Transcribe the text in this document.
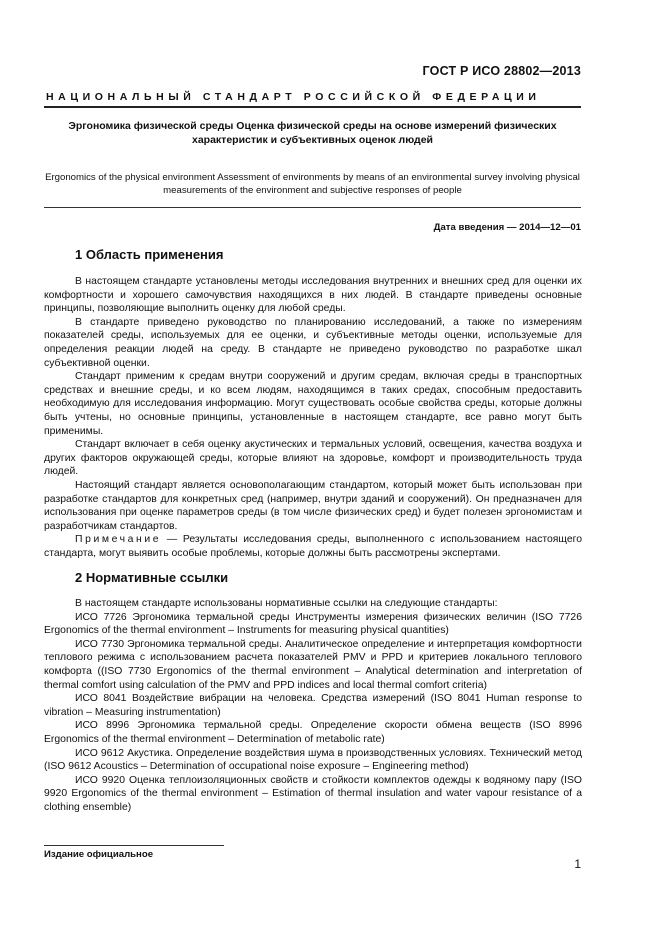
ГОСТ Р ИСО 28802—2013
НАЦИОНАЛЬНЫЙ СТАНДАРТ РОССИЙСКОЙ ФЕДЕРАЦИИ
Эргономика физической среды Оценка физической среды на основе измерений физических характеристик и субъективных оценок людей
Ergonomics of the physical environment Assessment of environments by means of an environmental survey involving physical measurements of the environment and subjective responses of people
Дата введения — 2014—12—01
1 Область применения

В настоящем стандарте установлены методы исследования внутренних и внешних сред для оценки их комфортности и хорошего самочувствия находящихся в них людей. В стандарте приведены основные принципы, позволяющие выполнить оценку для любой среды.

В стандарте приведено руководство по планированию исследований, а также по измерениям показателей среды, используемых для ее оценки, и субъективные методы оценки, используемые для определения реакции людей на среду. В стандарте не приведено руководство по разработке шкал субъективной оценки.

Стандарт применим к средам внутри сооружений и другим средам, включая среды в транспортных средствах и внешние среды, и ко всем людям, находящимся в таких средах, способным предоставить необходимую для исследования информацию. Могут существовать особые свойства среды, которые должны быть учтены, но основные принципы, установленные в настоящем стандарте, все равно могут быть применимы.

Стандарт включает в себя оценку акустических и термальных условий, освещения, качества воздуха и других факторов окружающей среды, которые влияют на здоровье, комфорт и производительность труда людей.

Настоящий стандарт является основополагающим стандартом, который может быть использован при разработке стандартов для конкретных сред (например, внутри зданий и сооружений). Он предназначен для использования при оценке параметров среды (в том числе физических сред) и будет полезен эргономистам и разработчикам стандартов.

Примечание — Результаты исследования среды, выполненного с использованием настоящего стандарта, могут выявить особые проблемы, которые должны быть рассмотрены экспертами.

2 Нормативные ссылки

В настоящем стандарте использованы нормативные ссылки на следующие стандарты:

ИСО 7726 Эргономика термальной среды Инструменты измерения физических величин (ISO 7726 Ergonomics of the thermal environment – Instruments for measuring physical quantities)

ИСО 7730 Эргономика термальной среды. Аналитическое определение и интерпретация комфортности теплового режима с использованием расчета показателей PMV и PPD и критериев локального теплового комфорта ((ISO 7730 Ergonomics of the thermal environment – Analytical determination and interpretation of thermal comfort using calculation of the PMV and PPD indices and local thermal comfort criteria)

ИСО 8041 Воздействие вибрации на человека. Средства измерений (ISO 8041 Human response to vibration – Measuring instrumentation)

ИСО 8996 Эргономика термальной среды. Определение скорости обмена веществ (ISO 8996 Ergonomics of the thermal environment – Determination of metabolic rate)

ИСО 9612 Акустика. Определение воздействия шума в производственных условиях. Технический метод (ISO 9612 Acoustics – Determination of occupational noise exposure – Engineering method)

ИСО 9920 Оценка теплоизоляционных свойств и стойкости комплектов одежды к водяному пару (ISO 9920 Ergonomics of the thermal environment – Estimation of thermal insulation and water vapour resistance of a clothing ensemble)

Издание официальное
1
